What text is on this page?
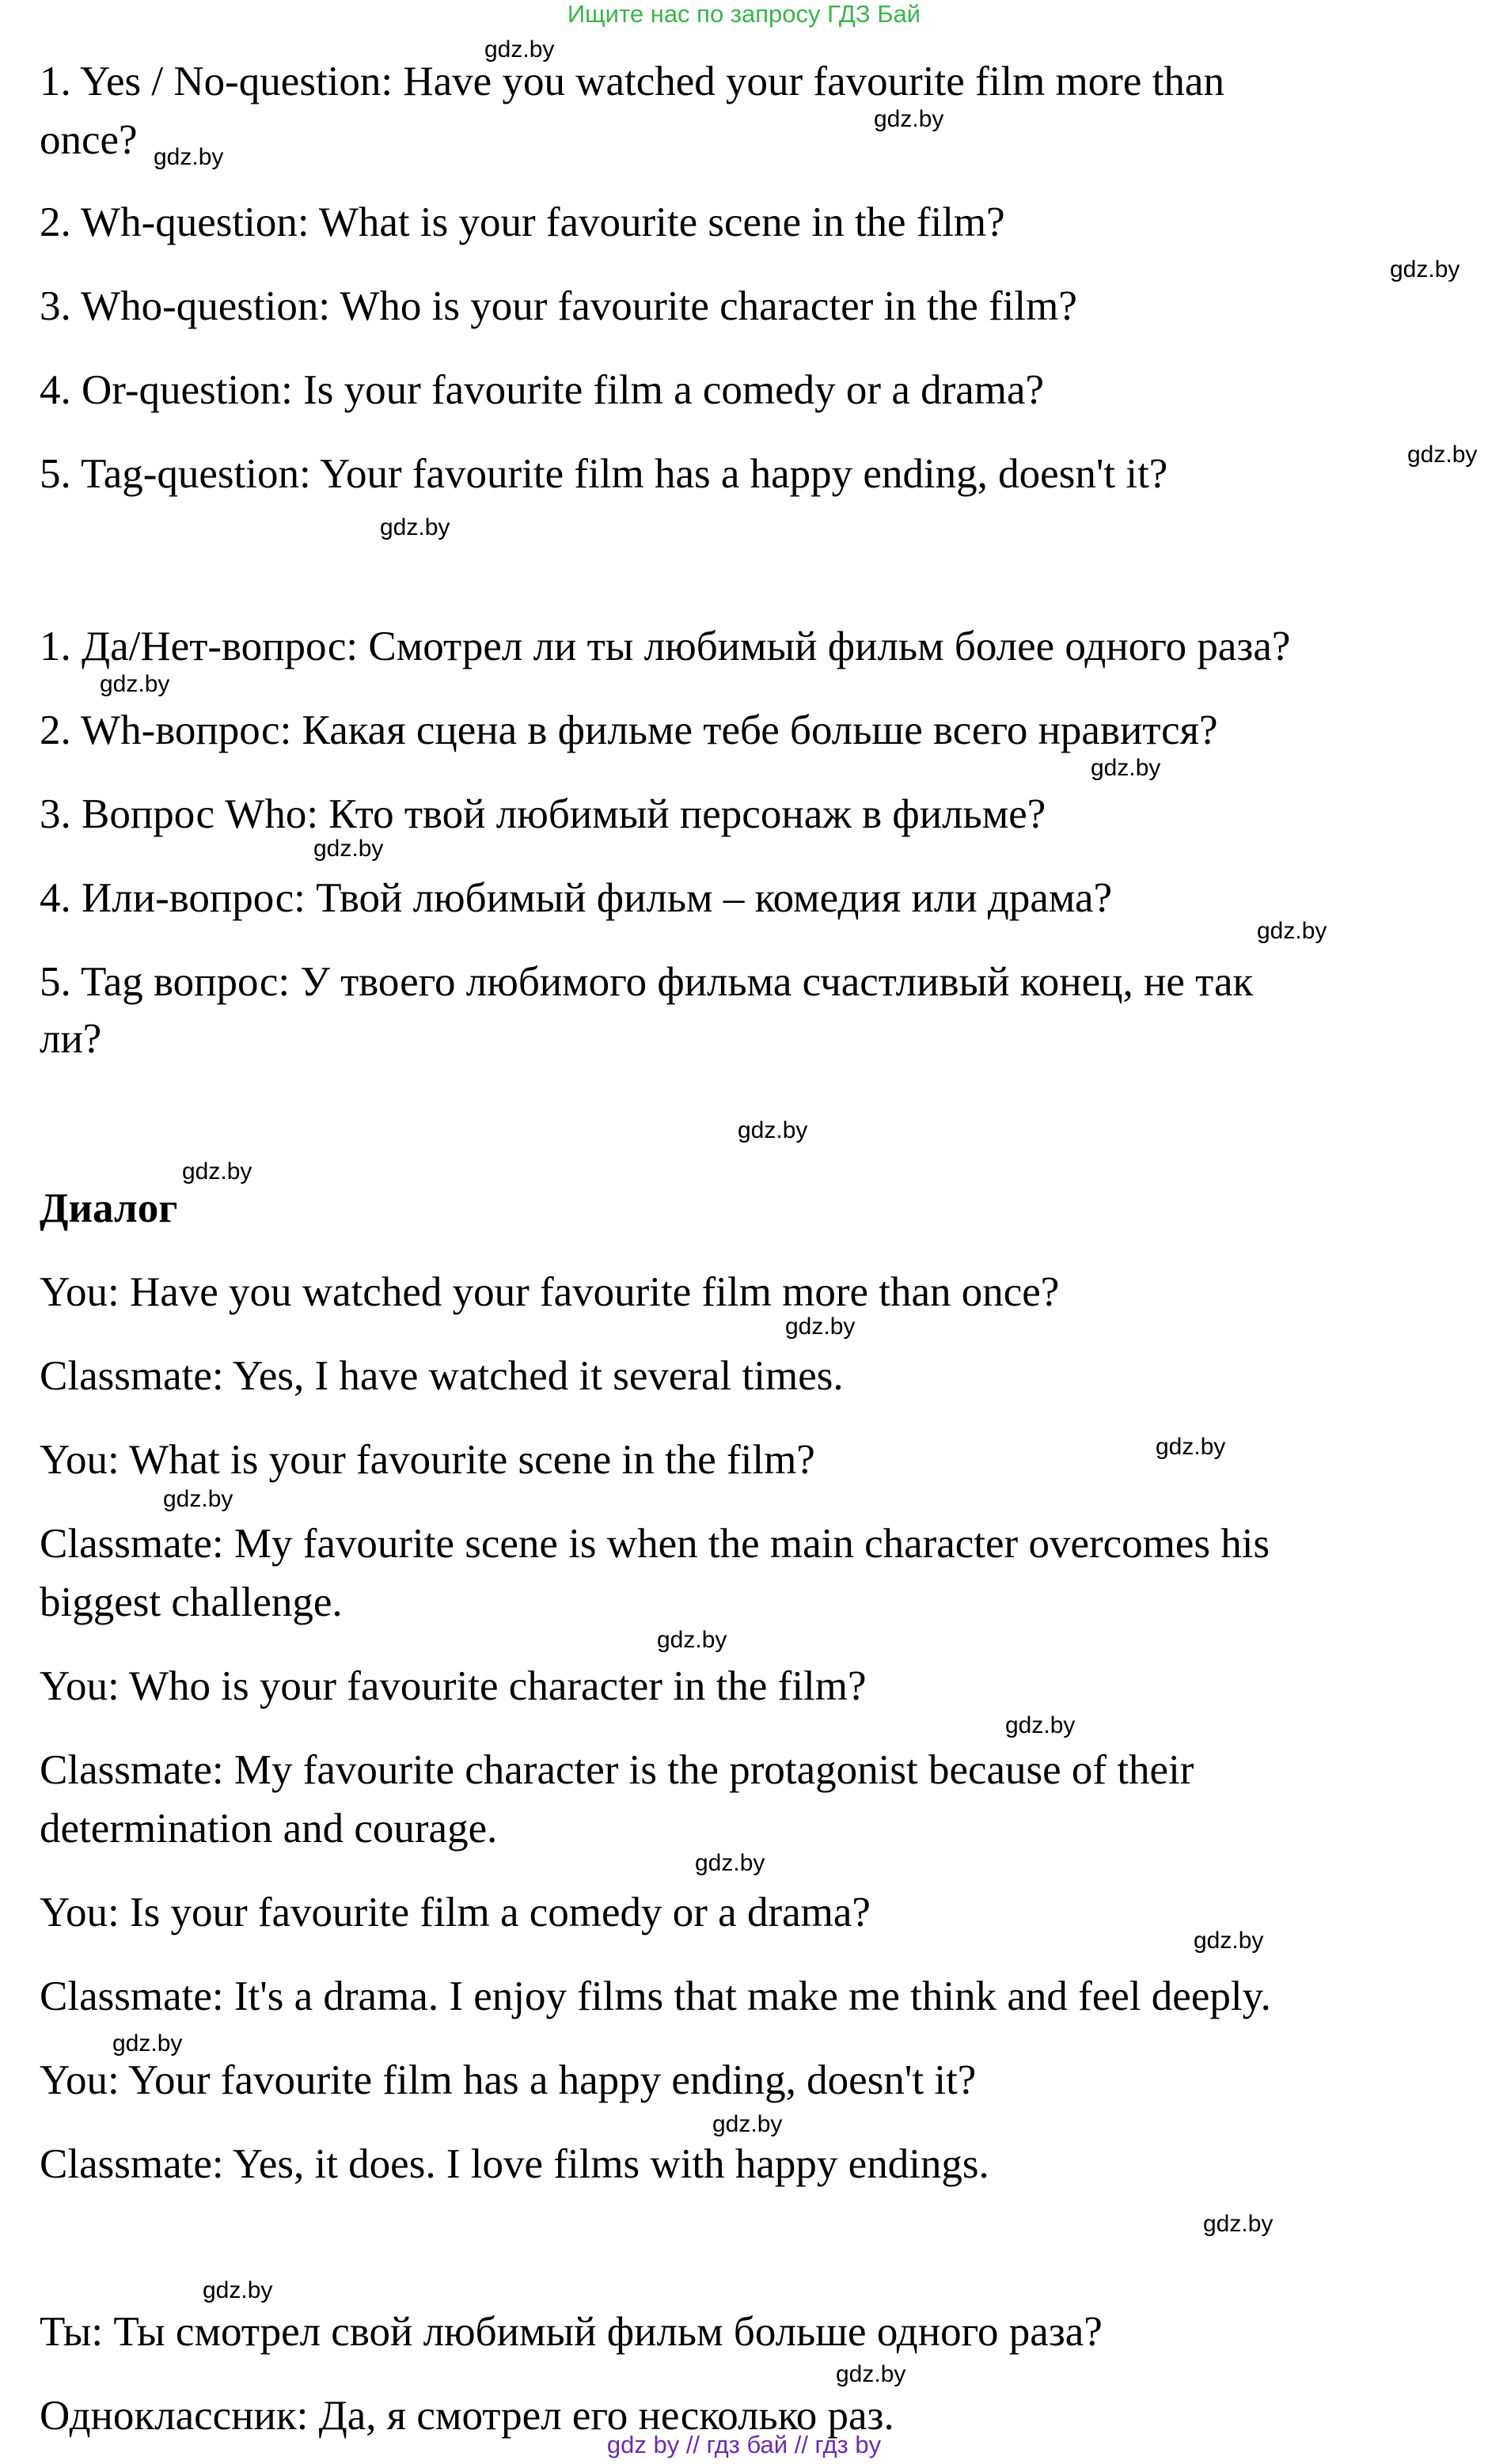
Ищите нас по запросу ГДЗ Бай
1. Yes / No-question: Have you watched your favourite film more than
once?
2. Wh-question: What is your favourite scene in the film?
3. Who-question: Who is your favourite character in the film?
4. Or-question: Is your favourite film a comedy or a drama?
5. Tag-question: Your favourite film has a happy ending, doesn't it?
1. Да/Нет-вопрос: Смотрел ли ты любимый фильм более одного раза?
2. Wh-вопрос: Какая сцена в фильме тебе больше всего нравится?
3. Вопрос Who: Кто твой любимый персонаж в фильме?
4. Или-вопрос: Твой любимый фильм – комедия или драма?
5. Tag вопрос: У твоего любимого фильма счастливый конец, не так
ли?
Диалог
You: Have you watched your favourite film more than once?
Classmate: Yes, I have watched it several times.
You: What is your favourite scene in the film?
Classmate: My favourite scene is when the main character overcomes his
biggest challenge.
You: Who is your favourite character in the film?
Classmate: My favourite character is the protagonist because of their
determination and courage.
You: Is your favourite film a comedy or a drama?
Classmate: It's a drama. I enjoy films that make me think and feel deeply.
You: Your favourite film has a happy ending, doesn't it?
Classmate: Yes, it does. I love films with happy endings.
Ты: Ты смотрел свой любимый фильм больше одного раза?
Одноклассник: Да, я смотрел его несколько раз.
gdz.by
gdz.by
gdz.by
gdz.by
gdz.by
gdz.by
gdz.by
gdz.by
gdz.by
gdz.by
gdz.by
gdz.by
gdz.by
gdz.by
gdz.by
gdz.by
gdz.by
gdz.by
gdz.by
gdz.by
gdz.by
gdz.by
gdz.by
gdz.by
gdz by // гдз бай // гдз by
